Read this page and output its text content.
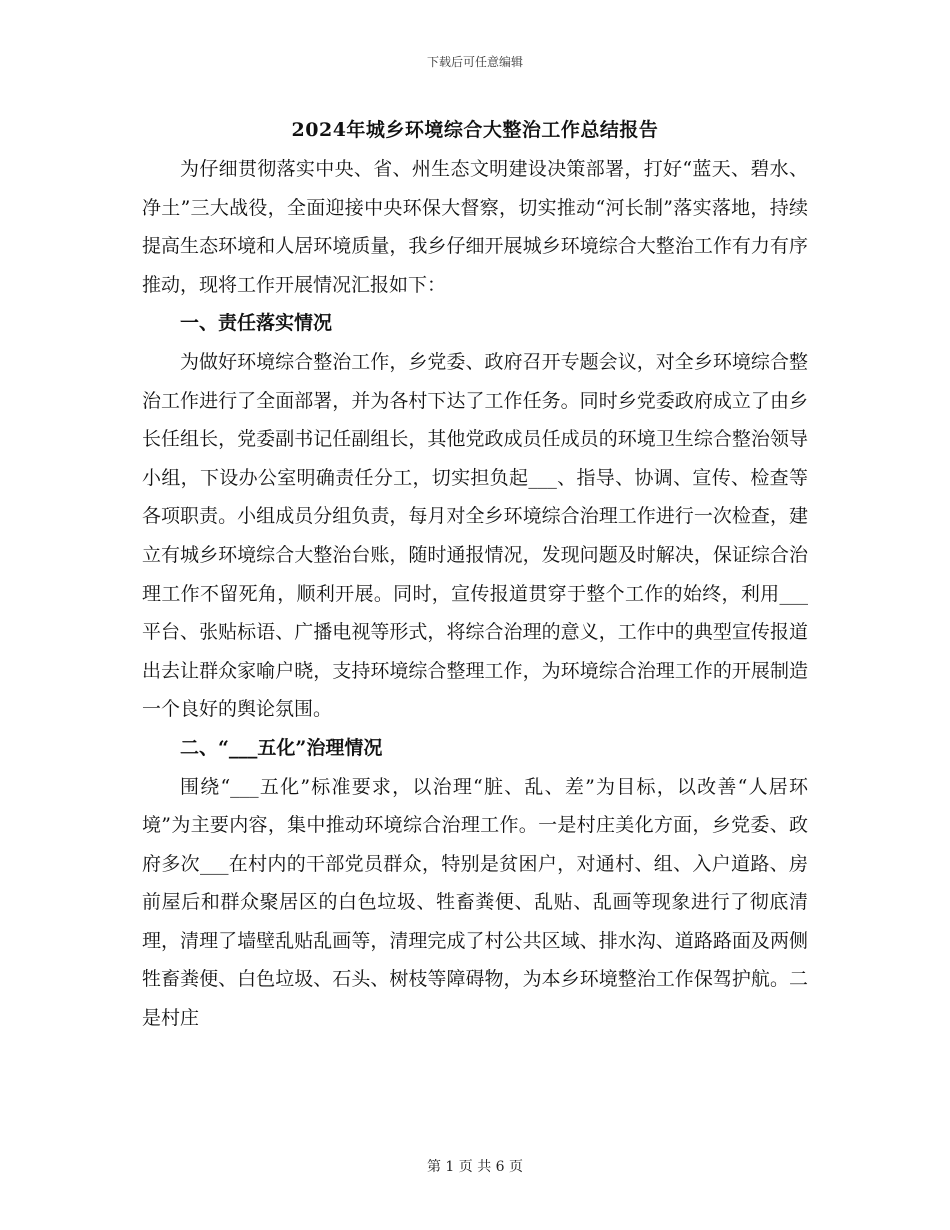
下载后可任意编辑
2024年城乡环境综合大整治工作总结报告

为仔细贯彻落实中央、省、州生态文明建设决策部署，打好“蓝天、碧水、净土”三大战役，全面迎接中央环保大督察，切实推动“河长制”落实落地，持续提高生态环境和人居环境质量，我乡仔细开展城乡环境综合大整治工作有力有序推动，现将工作开展情况汇报如下：

一、责任落实情况

为做好环境综合整治工作，乡党委、政府召开专题会议，对全乡环境综合整治工作进行了全面部署，并为各村下达了工作任务。同时乡党委政府成立了由乡长任组长，党委副书记任副组长，其他党政成员任成员的环境卫生综合整治领导小组，下设办公室明确责任分工，切实担负起___、指导、协调、宣传、检查等各项职责。小组成员分组负责，每月对全乡环境综合治理工作进行一次检查，建立有城乡环境综合大整治台账，随时通报情况，发现问题及时解决，保证综合治理工作不留死角，顺利开展。同时，宣传报道贯穿于整个工作的始终，利用___平台、张贴标语、广播电视等形式，将综合治理的意义，工作中的典型宣传报道出去让群众家喻户晓，支持环境综合整理工作，为环境综合治理工作的开展制造一个良好的舆论氛围。

二、“___五化”治理情况

围绕“___五化”标准要求，以治理“脏、乱、差”为目标，以改善“人居环境”为主要内容，集中推动环境综合治理工作。一是村庄美化方面，乡党委、政府多次___在村内的干部党员群众，特别是贫困户，对通村、组、入户道路、房前屋后和群众聚居区的白色垃圾、牲畜粪便、乱贴、乱画等现象进行了彻底清理，清理了墙壁乱贴乱画等，清理完成了村公共区域、排水沟、道路路面及两侧牲畜粪便、白色垃圾、石头、树枝等障碍物，为本乡环境整治工作保驾护航。二是村庄

第 1 页 共 6 页
